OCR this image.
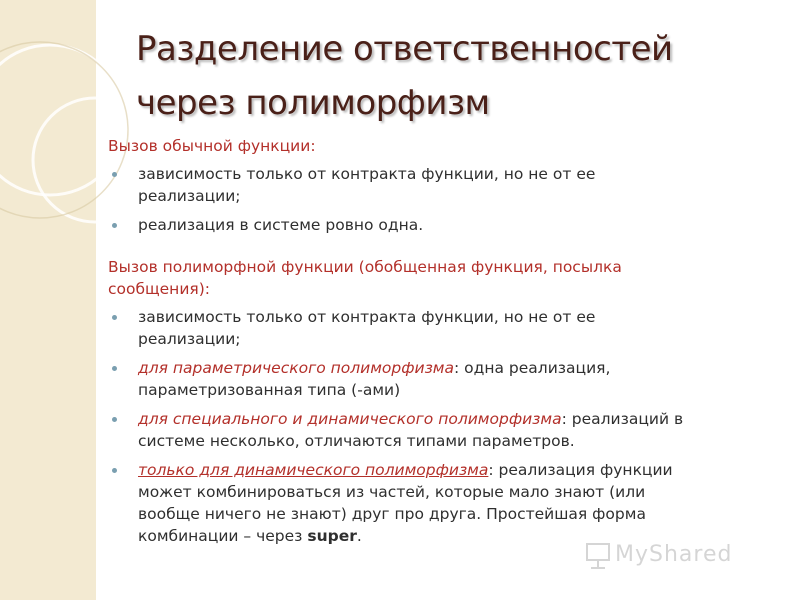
Разделение ответственностей
через полиморфизм

Вызов обычной функции:

зависимость только от контракта функции, но не от ее реализации;
реализация в системе ровно одна.

Вызов полиморфной функции (обобщенная функция, посылка сообщения):

зависимость только от контракта функции, но не от ее реализации;
для параметрического полиморфизма: одна реализация, параметризованная типа (-ами)
для специального и динамического полиморфизма: реализаций в системе несколько, отличаются типами параметров.
только для динамического полиморфизма: реализация функции может комбинироваться из частей, которые мало знают (или вообще ничего не знают) друг про друга. Простейшая форма комбинации – через super.
MyShared
